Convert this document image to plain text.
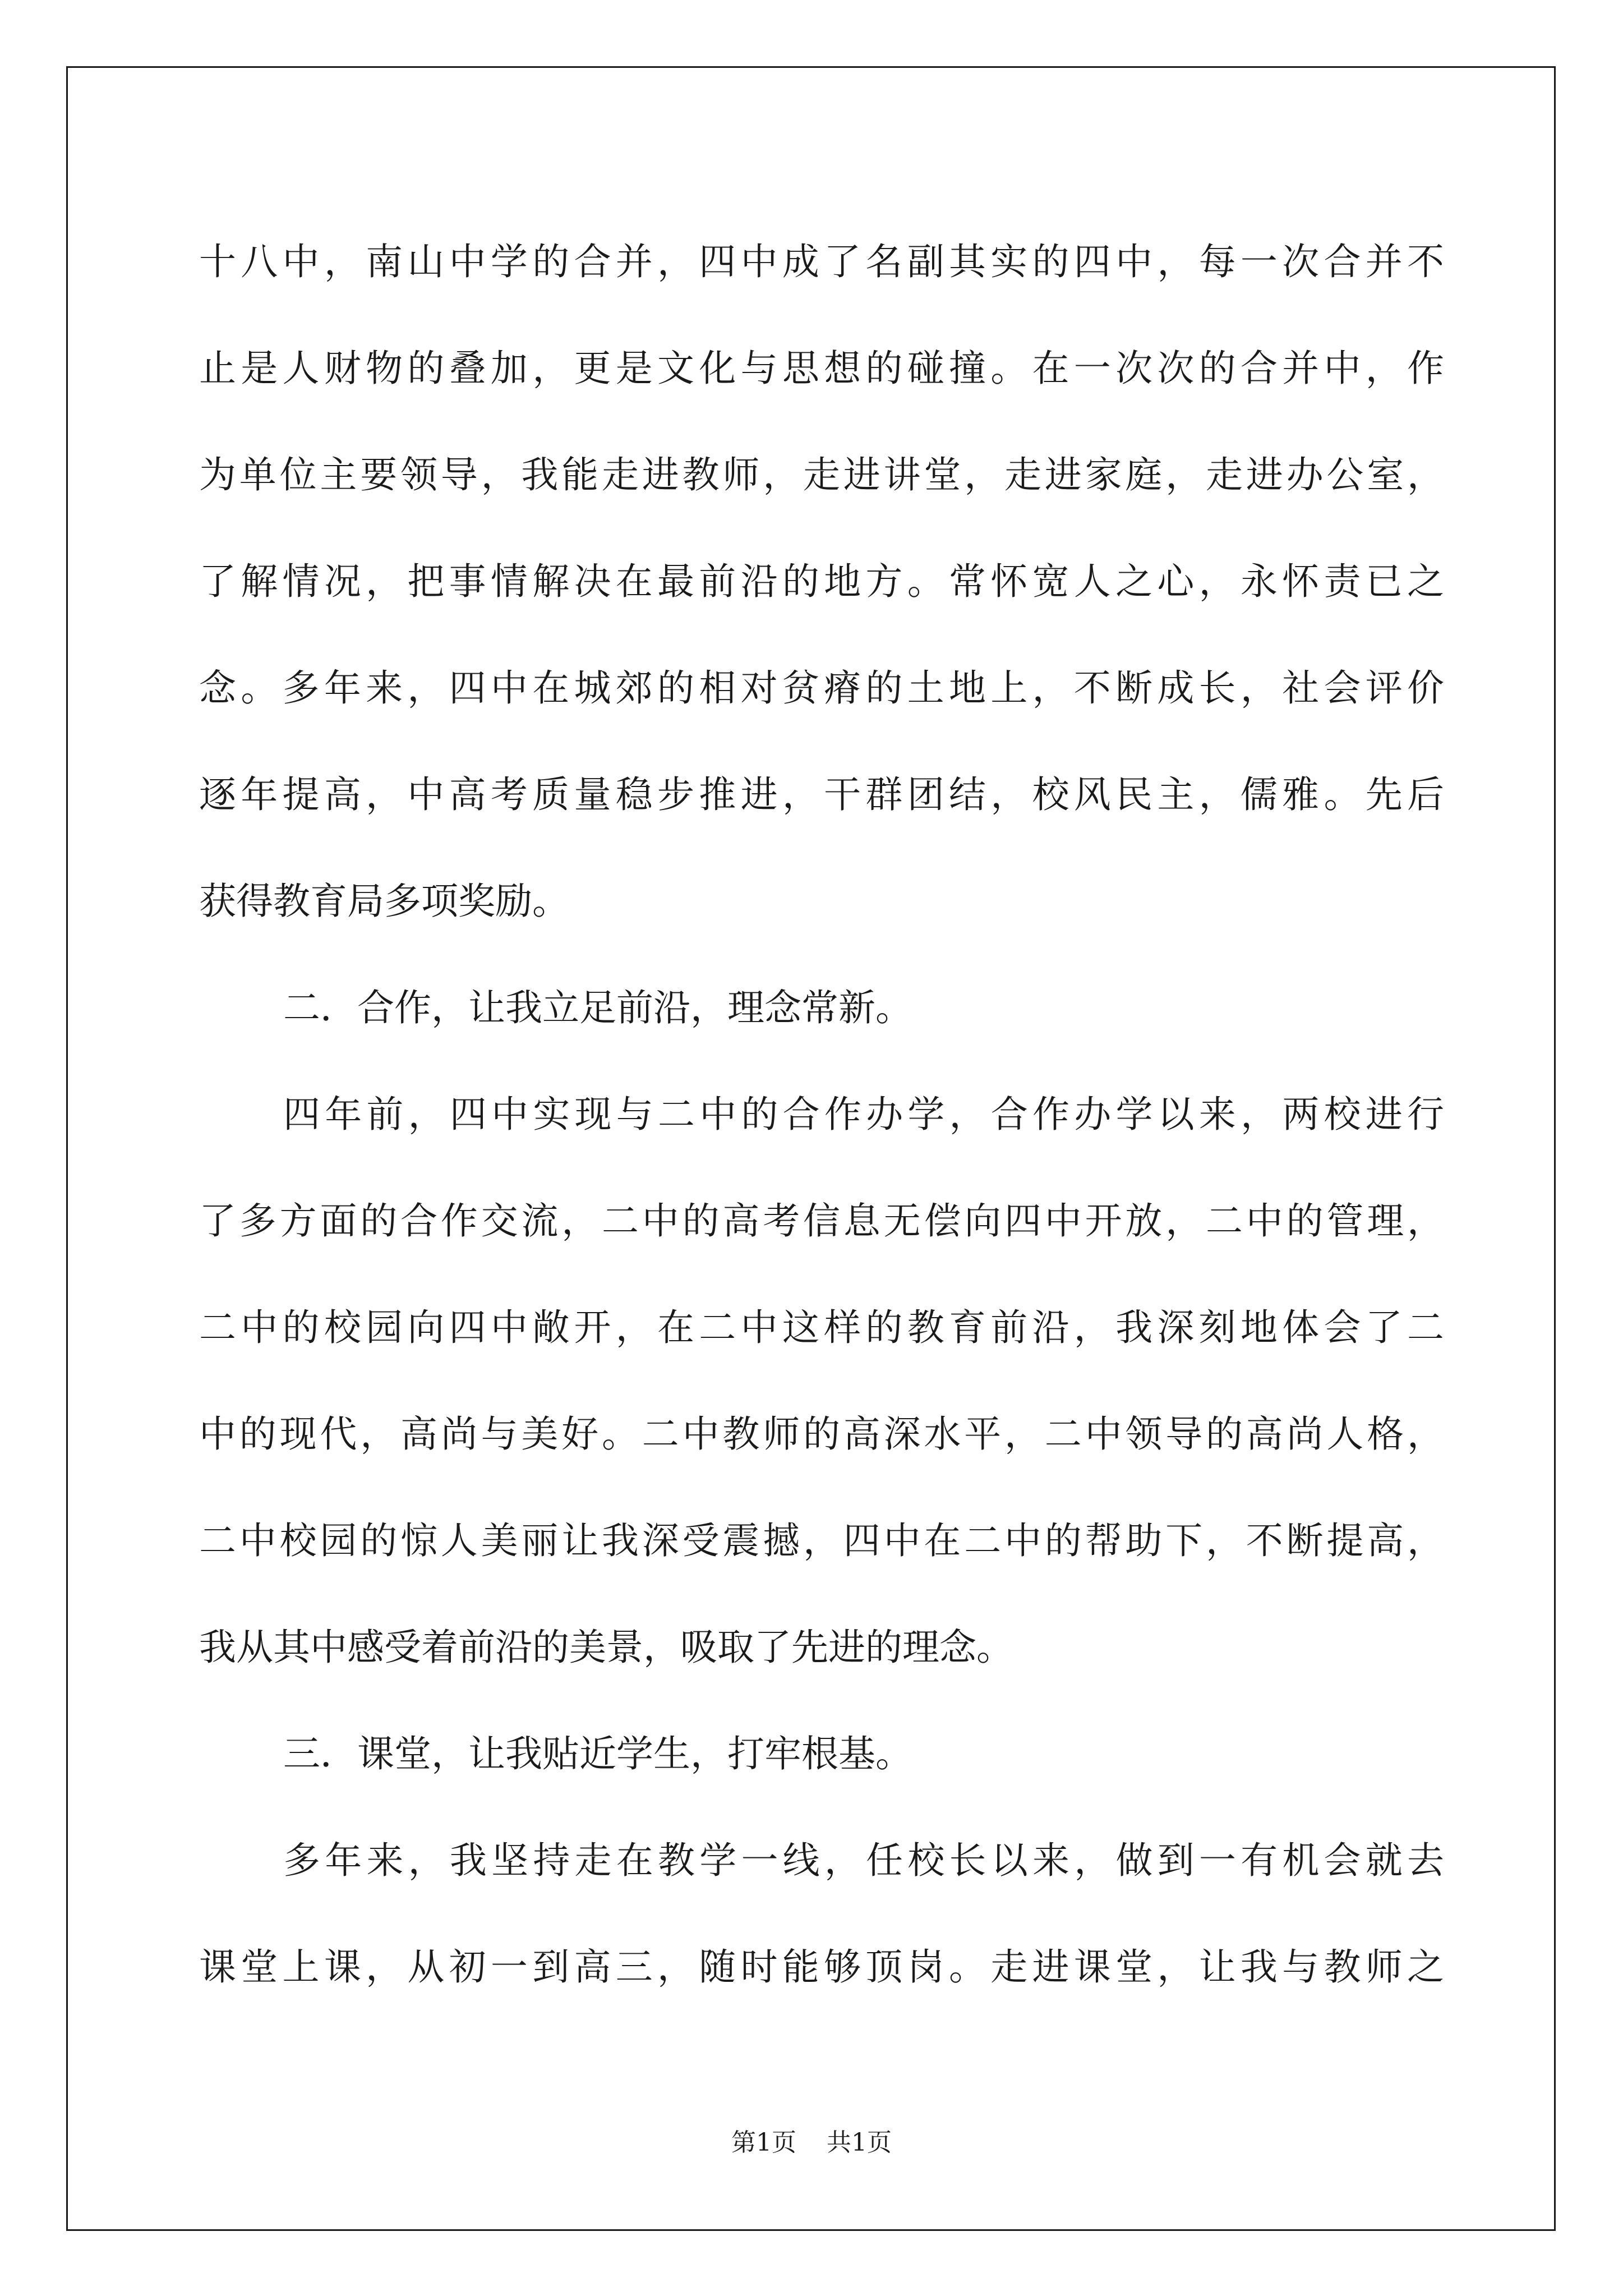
十八中，南山中学的合并，四中成了名副其实的四中，每一次合并不

止是人财物的叠加，更是文化与思想的碰撞。在一次次的合并中，作

为单位主要领导，我能走进教师，走进讲堂，走进家庭，走进办公室，

了解情况，把事情解决在最前沿的地方。常怀宽人之心，永怀责已之

念。多年来，四中在城郊的相对贫瘠的土地上，不断成长，社会评价

逐年提高，中高考质量稳步推进，干群团结，校风民主，儒雅。先后

获得教育局多项奖励。

二．合作，让我立足前沿，理念常新。

四年前，四中实现与二中的合作办学，合作办学以来，两校进行

了多方面的合作交流，二中的高考信息无偿向四中开放，二中的管理，

二中的校园向四中敞开，在二中这样的教育前沿，我深刻地体会了二

中的现代，高尚与美好。二中教师的高深水平，二中领导的高尚人格，

二中校园的惊人美丽让我深受震撼，四中在二中的帮助下，不断提高，

我从其中感受着前沿的美景，吸取了先进的理念。

三．课堂，让我贴近学生，打牢根基。

多年来，我坚持走在教学一线，任校长以来，做到一有机会就去

课堂上课，从初一到高三，随时能够顶岗。走进课堂，让我与教师之

第1页 共1页
